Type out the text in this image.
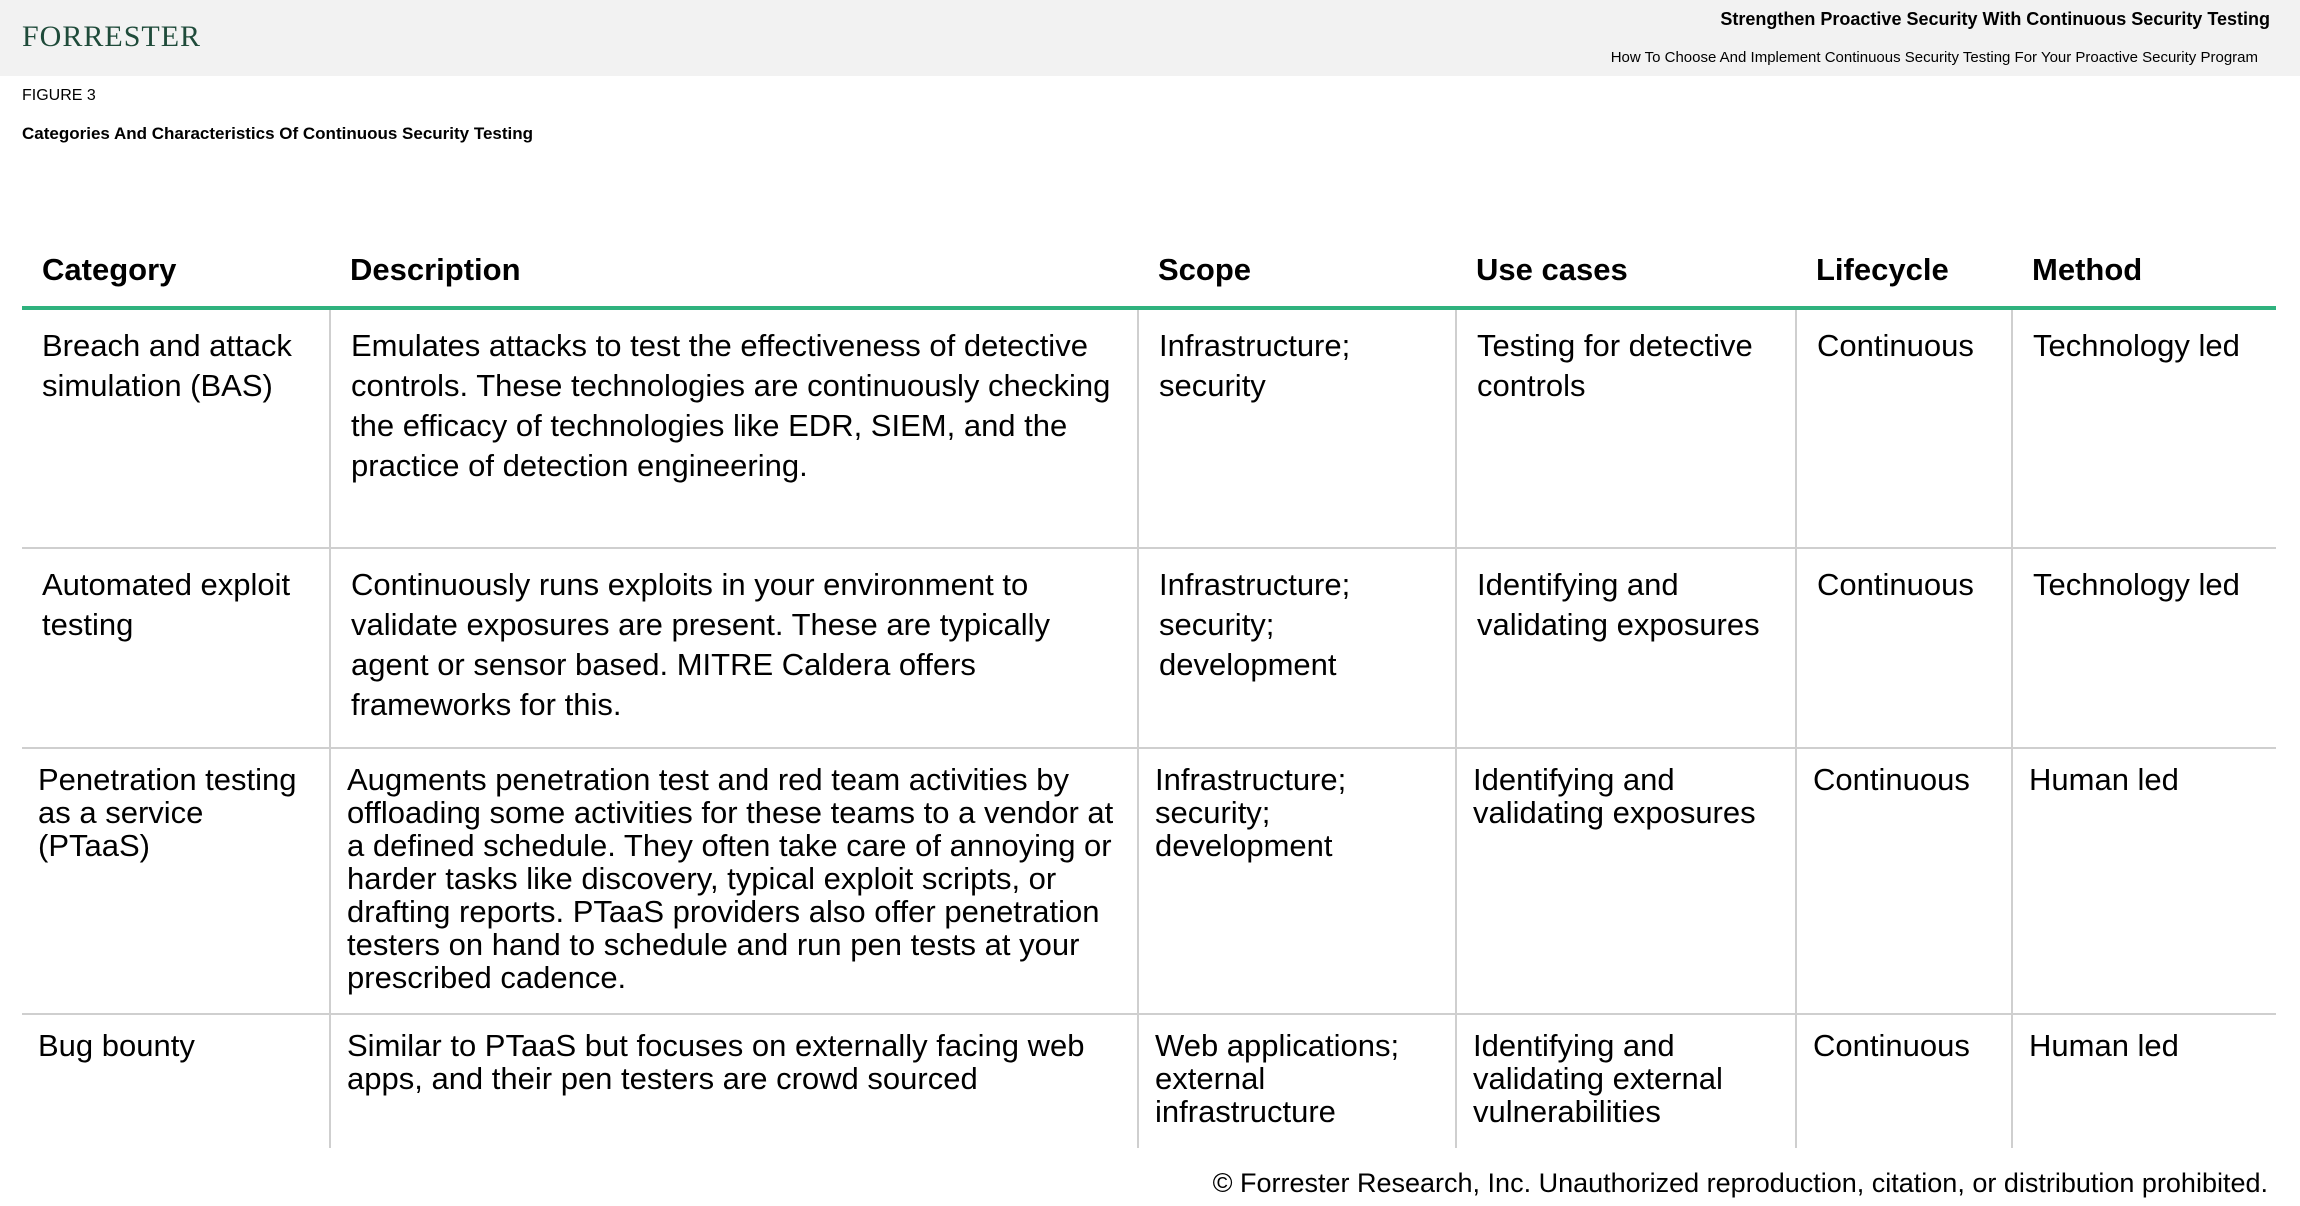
FORRESTER
Strengthen Proactive Security With Continuous Security Testing
How To Choose And Implement Continuous Security Testing For Your Proactive Security Program
FIGURE 3
Categories And Characteristics Of Continuous Security Testing
Category	Description	Scope	Use cases	Lifecycle	Method
Breach and attack simulation (BAS)	Emulates attacks to test the effectiveness of detective controls. These technologies are continuously checking the efficacy of technologies like EDR, SIEM, and the practice of detection engineering.	Infrastructure; security	Testing for detective controls	Continuous	Technology led
Automated exploit testing	Continuously runs exploits in your environment to validate exposures are present. These are typically agent or sensor based. MITRE Caldera offers frameworks for this.	Infrastructure; security; development	Identifying and validating exposures	Continuous	Technology led
Penetration testing as a service (PTaaS)	Augments penetration test and red team activities by offloading some activities for these teams to a vendor at a defined schedule. They often take care of annoying or harder tasks like discovery, typical exploit scripts, or drafting reports. PTaaS providers also offer penetration testers on hand to schedule and run pen tests at your prescribed cadence.	Infrastructure; security; development	Identifying and validating exposures	Continuous	Human led
Bug bounty	Similar to PTaaS but focuses on externally facing web apps, and their pen testers are crowd sourced	Web applications; external infrastructure	Identifying and validating external vulnerabilities	Continuous	Human led
© Forrester Research, Inc. Unauthorized reproduction, citation, or distribution prohibited.
